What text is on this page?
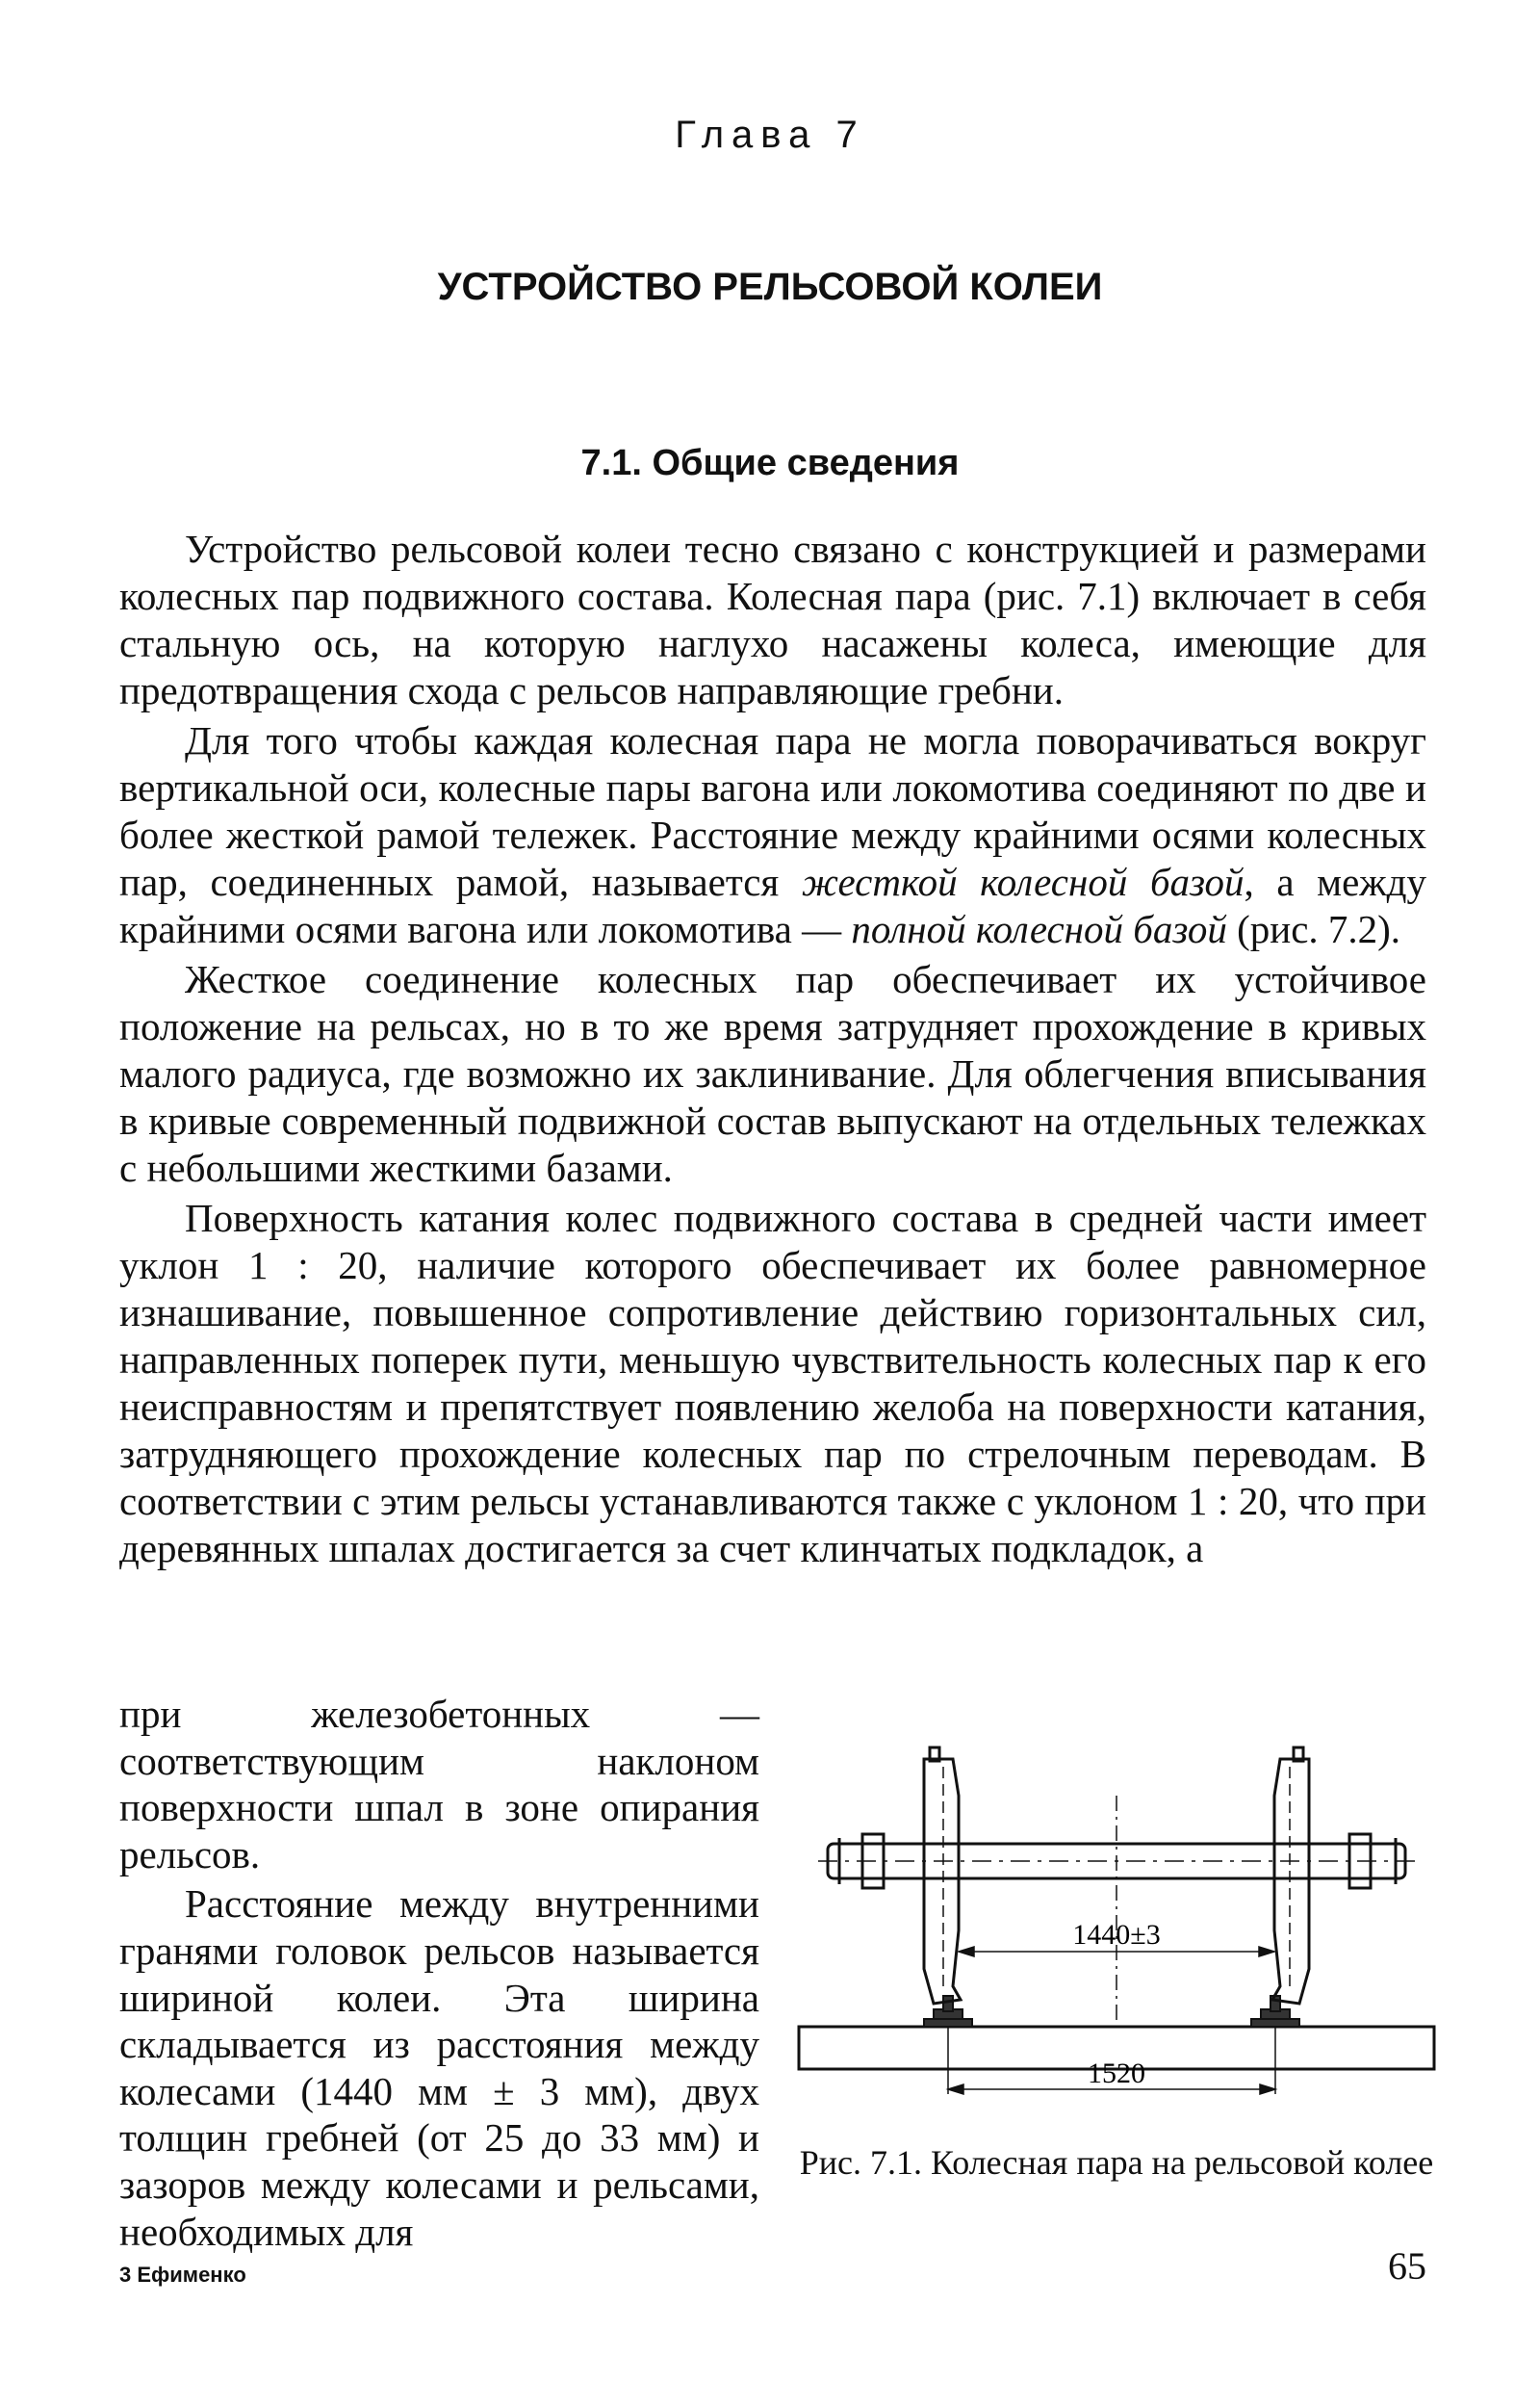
Глава 7
УСТРОЙСТВО РЕЛЬСОВОЙ КОЛЕИ
7.1. Общие сведения

Устройство рельсовой колеи тесно связано с конструкцией и размерами колесных пар подвижного состава. Колесная пара (рис. 7.1) включает в себя стальную ось, на которую наглухо насажены колеса, имеющие для предотвращения схода с рельсов направляющие гребни.

Для того чтобы каждая колесная пара не могла поворачиваться вокруг вертикальной оси, колесные пары вагона или локомотива соединяют по две и более жесткой рамой тележек. Расстояние между крайними осями колесных пар, соединенных рамой, называется жесткой колесной базой, а между крайними осями вагона или локомотива — полной колесной базой (рис. 7.2).

Жесткое соединение колесных пар обеспечивает их устойчивое положение на рельсах, но в то же время затрудняет прохождение в кривых малого радиуса, где возможно их заклинивание. Для облегчения вписывания в кривые современный подвижной состав выпускают на отдельных тележках с небольшими жесткими базами.

Поверхность катания колес подвижного состава в средней части имеет уклон 1 : 20, наличие которого обеспечивает их более равномерное изнашивание, повышенное сопротивление действию горизонтальных сил, направленных поперек пути, меньшую чувствительность колесных пар к его неисправностям и препятствует появлению желоба на поверхности катания, затрудняющего прохождение колесных пар по стрелочным переводам. В соответствии с этим рельсы устанавливаются также с уклоном 1 : 20, что при деревянных шпалах достигается за счет клинчатых подкладок, а

при железобетонных — соответствующим наклоном поверхности шпал в зоне опирания рельсов.

Расстояние между внутренними гранями головок рельсов называется шириной колеи. Эта ширина складывается из расстояния между колесами (1440 мм ± 3 мм), двух толщин гребней (от 25 до 33 мм) и зазоров между колесами и рельсами, необходимых для

1440±3
1520
Рис. 7.1. Колесная пара на рельсовой колее
3 Ефименко	65
